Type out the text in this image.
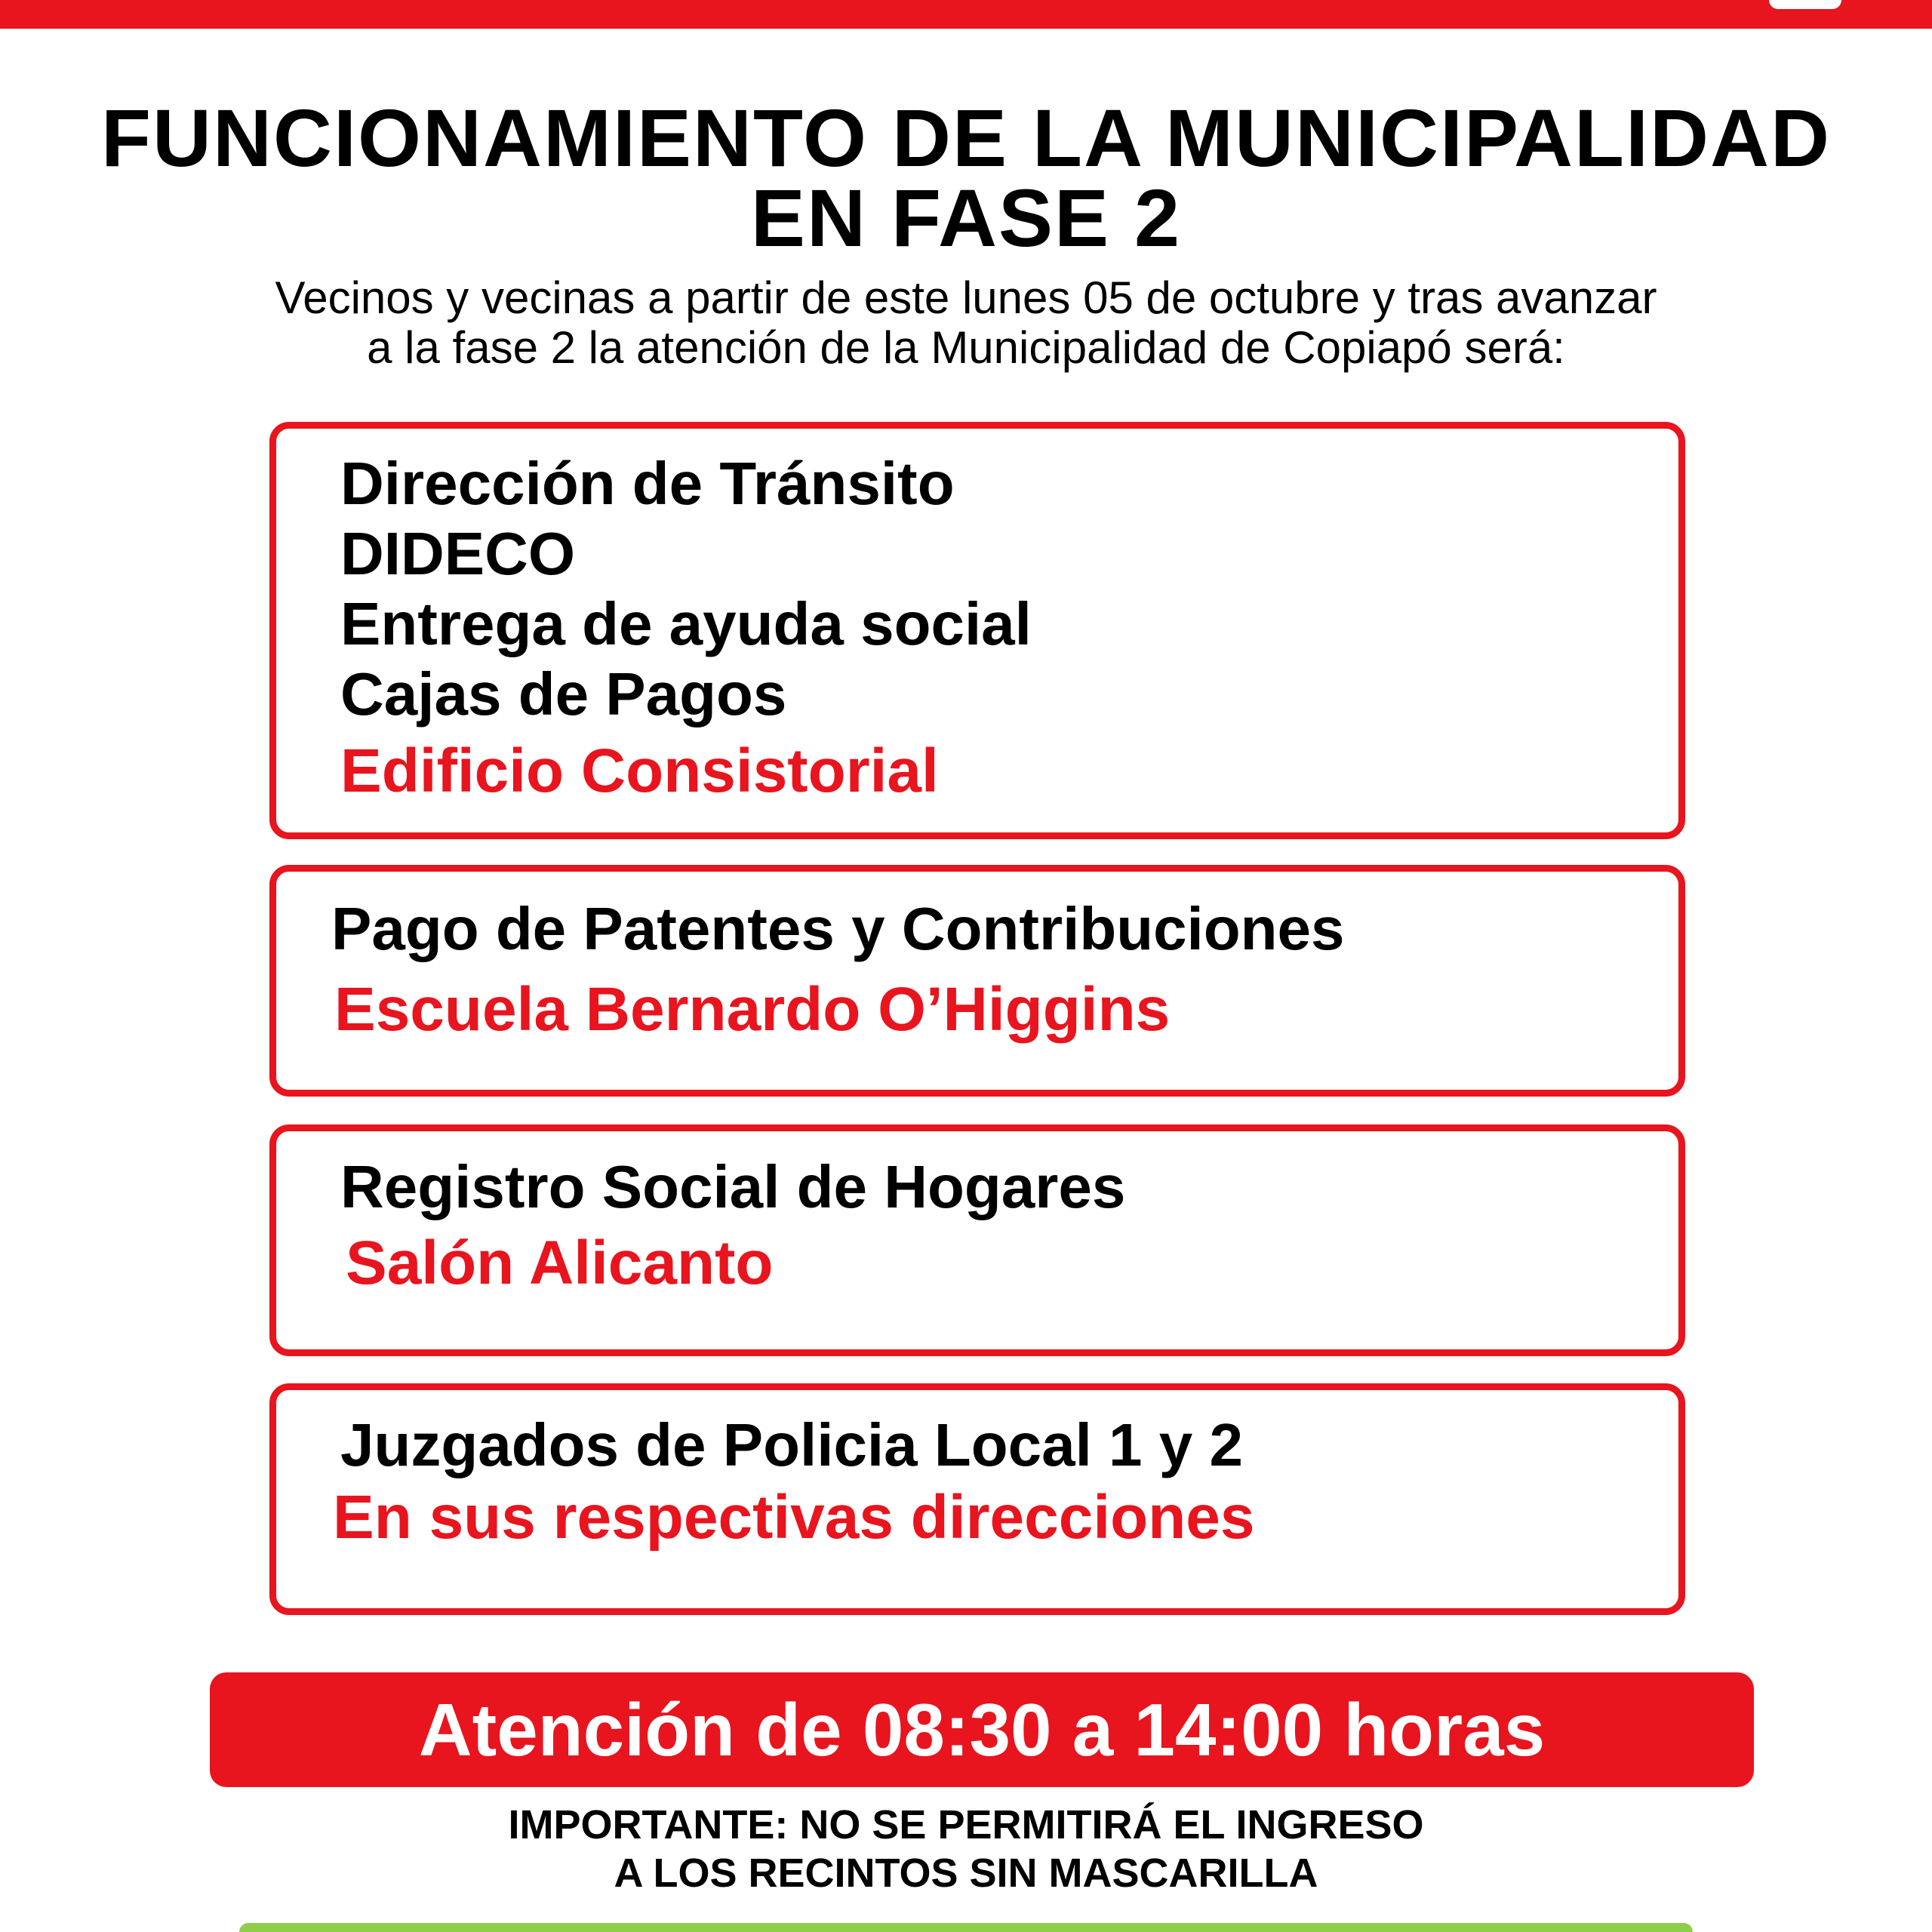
FUNCIONAMIENTO DE LA MUNICIPALIDAD
EN FASE 2
Vecinos y vecinas a partir de este lunes 05 de octubre y tras avanzar
a la fase 2 la atención de la Municipalidad de Copiapó será:
Dirección de Tránsito
DIDECO
Entrega de ayuda social
Cajas de Pagos
Edificio Consistorial
Pago de Patentes y Contribuciones
Escuela Bernardo O’Higgins
Registro Social de Hogares
Salón Alicanto
Juzgados de Policia Local 1 y 2
En sus respectivas direcciones
Atención de 08:30 a 14:00 horas
IMPORTANTE: NO SE PERMITIRÁ EL INGRESO
A LOS RECINTOS SIN MASCARILLA
